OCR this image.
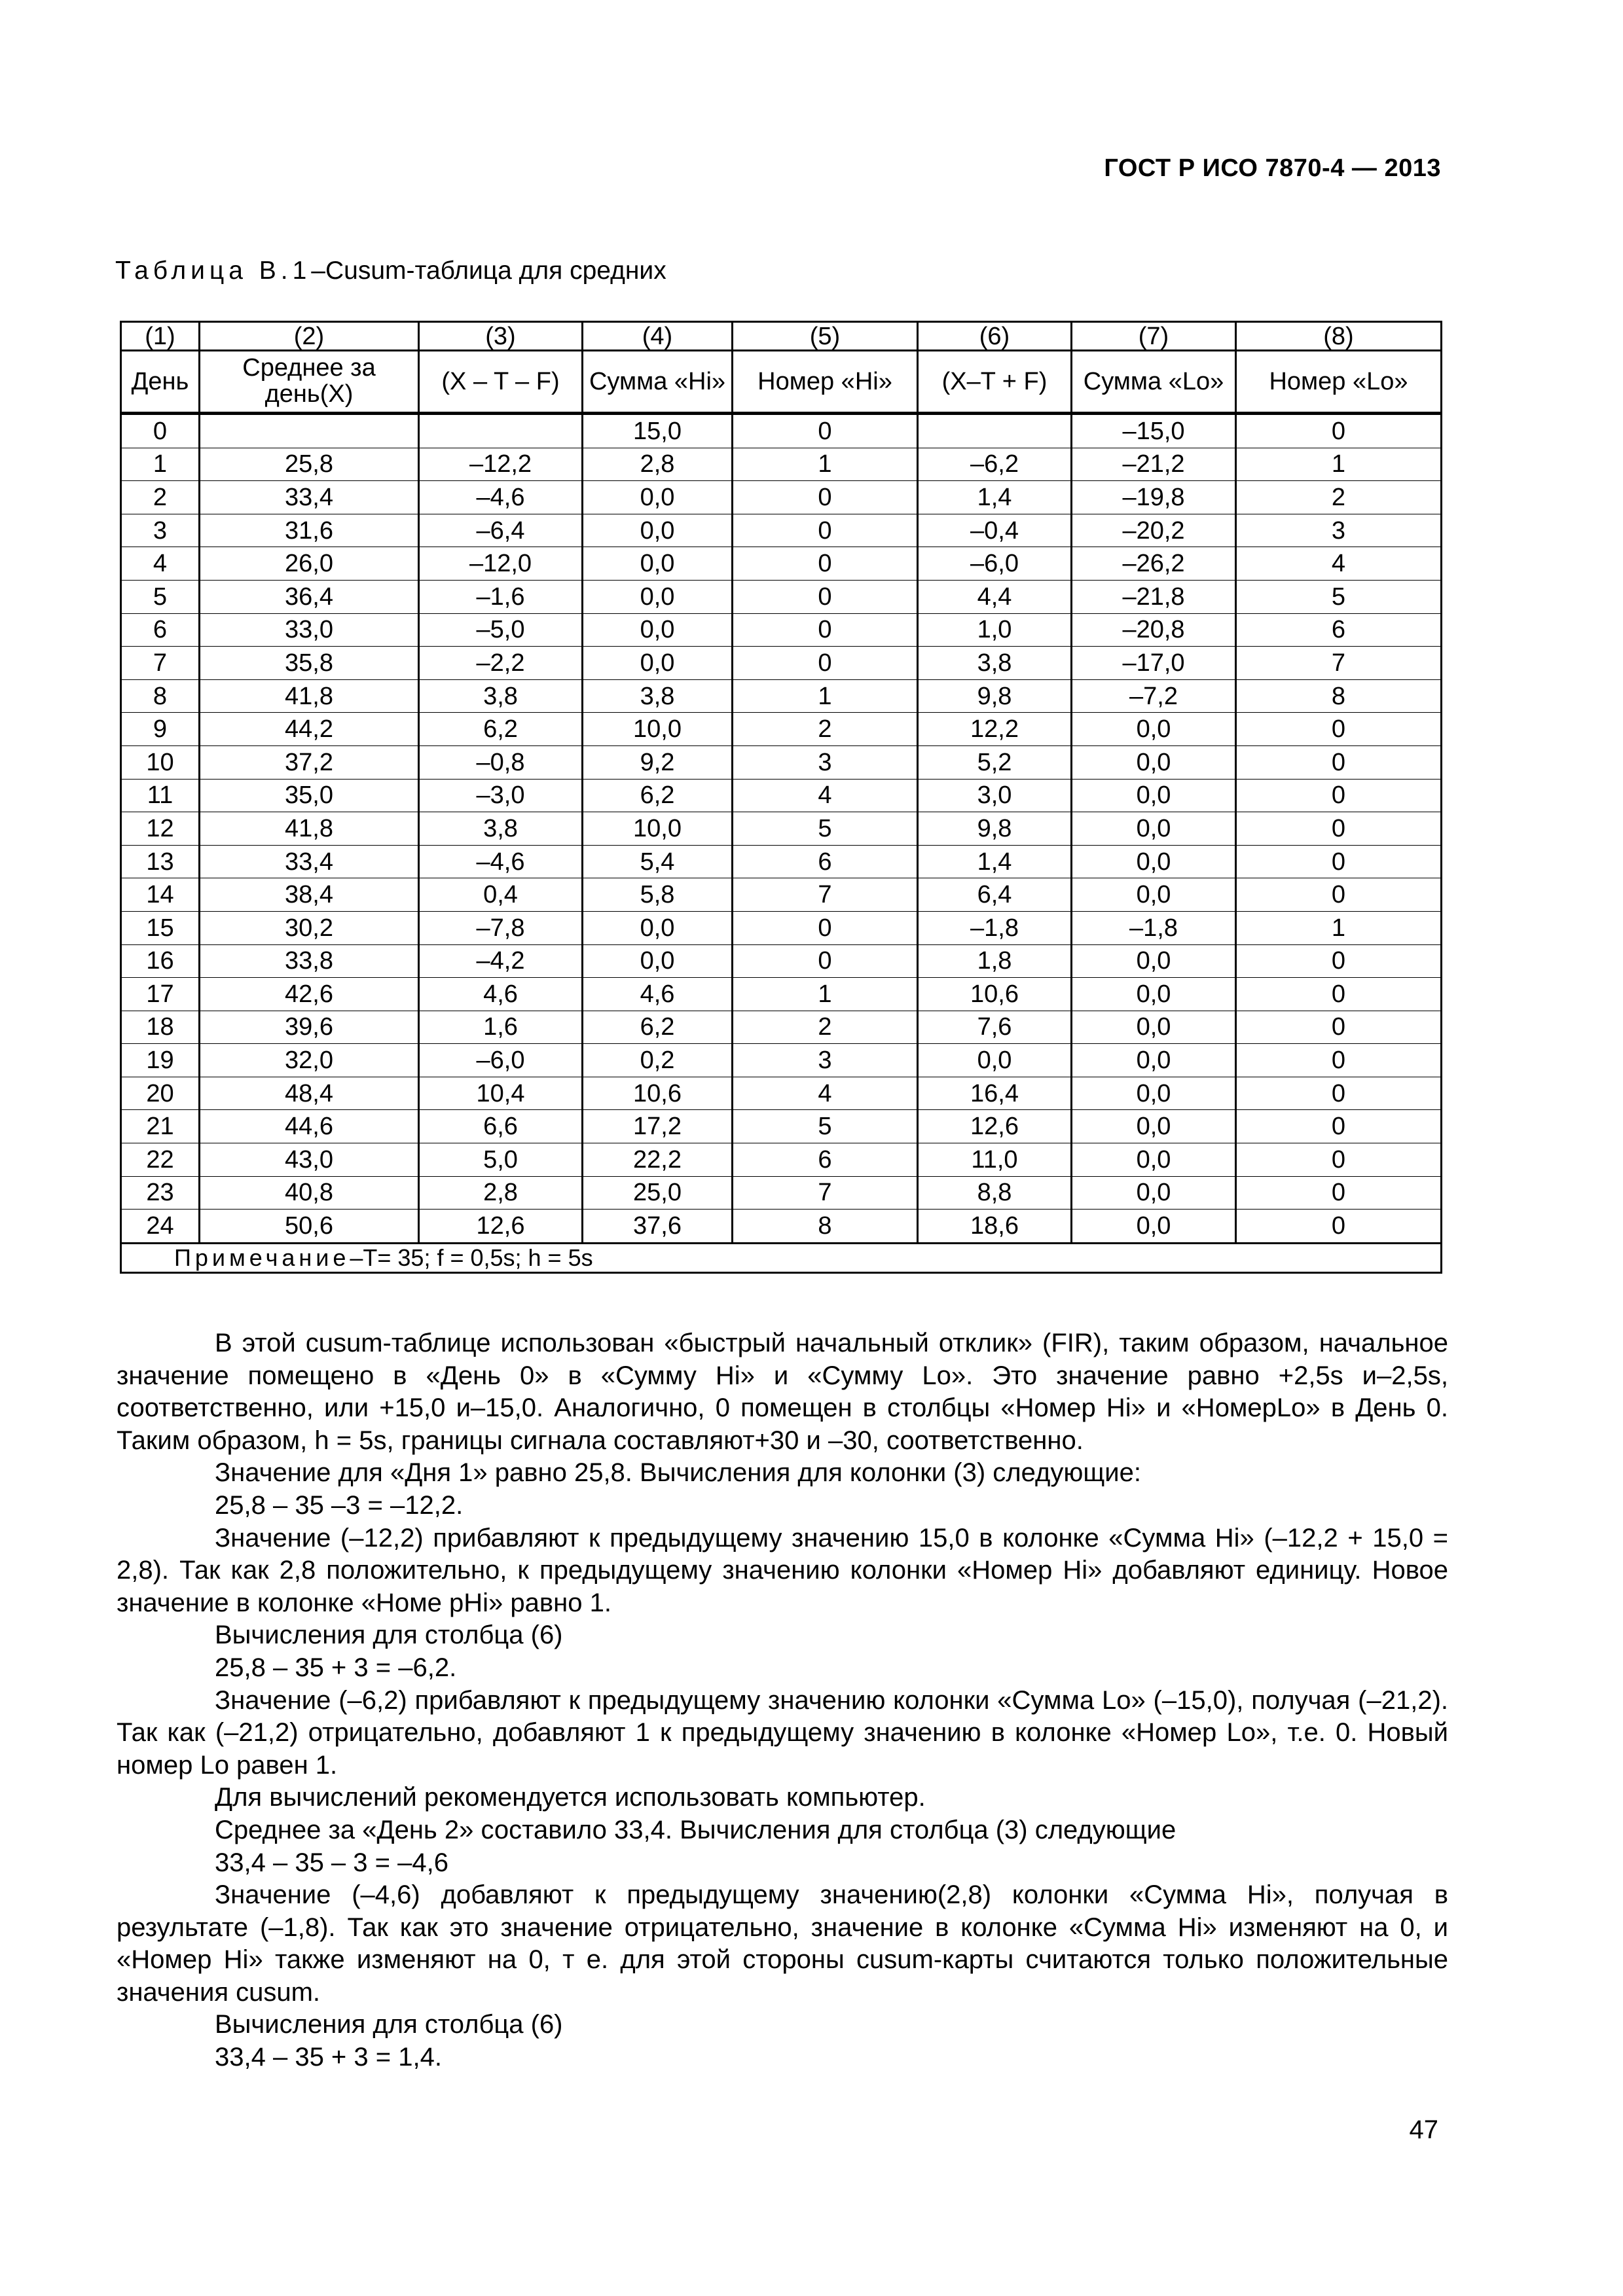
ГОСТ Р ИСО 7870-4 — 2013
Таблица В.1–Cusum-таблица для средних
(1)	(2)	(3)	(4)	(5)	(6)	(7)	(8)
День	Среднее за день(X)	(X – T – F)	Сумма «Hi»	Номер «Hi»	(X–T + F)	Сумма «Lo»	Номер «Lo»
0			15,0	0		–15,0	0
1	25,8	–12,2	2,8	1	–6,2	–21,2	1
2	33,4	–4,6	0,0	0	1,4	–19,8	2
3	31,6	–6,4	0,0	0	–0,4	–20,2	3
4	26,0	–12,0	0,0	0	–6,0	–26,2	4
5	36,4	–1,6	0,0	0	4,4	–21,8	5
6	33,0	–5,0	0,0	0	1,0	–20,8	6
7	35,8	–2,2	0,0	0	3,8	–17,0	7
8	41,8	3,8	3,8	1	9,8	–7,2	8
9	44,2	6,2	10,0	2	12,2	0,0	0
10	37,2	–0,8	9,2	3	5,2	0,0	0
11	35,0	–3,0	6,2	4	3,0	0,0	0
12	41,8	3,8	10,0	5	9,8	0,0	0
13	33,4	–4,6	5,4	6	1,4	0,0	0
14	38,4	0,4	5,8	7	6,4	0,0	0
15	30,2	–7,8	0,0	0	–1,8	–1,8	1
16	33,8	–4,2	0,0	0	1,8	0,0	0
17	42,6	4,6	4,6	1	10,6	0,0	0
18	39,6	1,6	6,2	2	7,6	0,0	0
19	32,0	–6,0	0,2	3	0,0	0,0	0
20	48,4	10,4	10,6	4	16,4	0,0	0
21	44,6	6,6	17,2	5	12,6	0,0	0
22	43,0	5,0	22,2	6	11,0	0,0	0
23	40,8	2,8	25,0	7	8,8	0,0	0
24	50,6	12,6	37,6	8	18,6	0,0	0
Примечание–T= 35; f = 0,5s; h = 5s							

В этой cusum-таблице использован «быстрый начальный отклик» (FIR), таким образом, начальное значение помещено в «День 0» в «Сумму Hi» и «Сумму Lo». Это значение равно +2,5s и–2,5s, соответственно, или +15,0 и–15,0. Аналогично, 0 помещен в столбцы «Номер Hi» и «НомерLo» в День 0. Таким образом, h = 5s, границы сигнала составляют+30 и –30, соответственно.

Значение для «Дня 1» равно 25,8. Вычисления для колонки (3) следующие:

25,8 – 35 –3 = –12,2.

Значение (–12,2) прибавляют к предыдущему значению 15,0 в колонке «Сумма Hi» (–12,2 + 15,0 = 2,8). Так как 2,8 положительно, к предыдущему значению колонки «Номер Hi» добавляют единицу. Новое значение в колонке «Номе рHi» равно 1.

Вычисления для столбца (6)

25,8 – 35 + 3 = –6,2.

Значение (–6,2) прибавляют к предыдущему значению колонки «Сумма Lo» (–15,0), получая (–21,2). Так как (–21,2) отрицательно, добавляют 1 к предыдущему значению в колонке «Номер Lo», т.е. 0. Новый номер Lo равен 1.

Для вычислений рекомендуется использовать компьютер.

Среднее за «День 2» составило 33,4. Вычисления для столбца (3) следующие

33,4 – 35 – 3 = –4,6

Значение (–4,6) добавляют к предыдущему значению(2,8) колонки «Сумма Hi», получая в результате (–1,8). Так как это значение отрицательно, значение в колонке «Сумма Hi» изменяют на 0, и «Номер Hi» также изменяют на 0, т е. для этой стороны cusum-карты считаются только положительные значения cusum.

Вычисления для столбца (6)

33,4 – 35 + 3 = 1,4.

47
